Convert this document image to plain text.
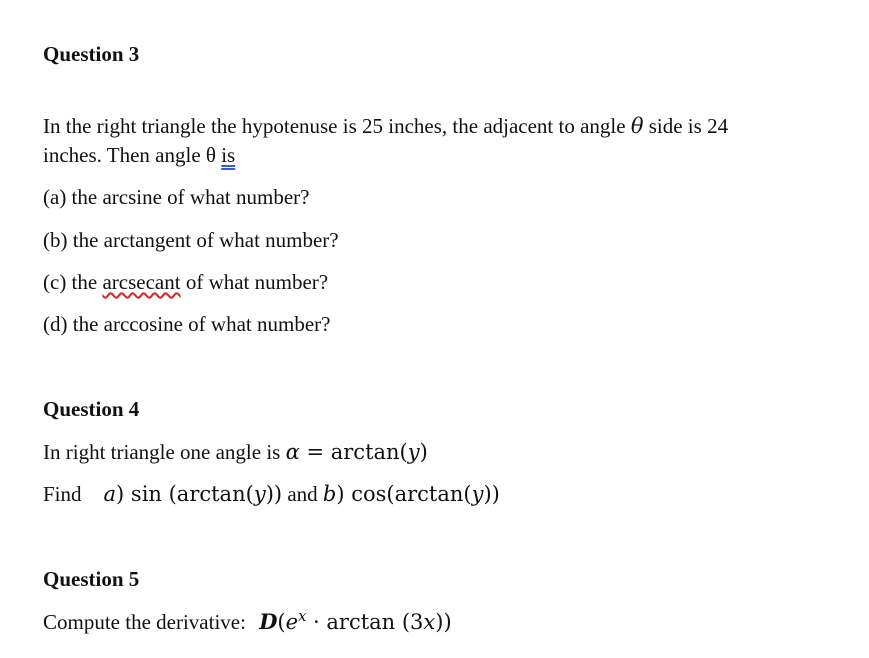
Question 3
In the right triangle the hypotenuse is 25 inches, the adjacent to angle θ side is 24
inches. Then angle θ is
(a) the arcsine of what number?
(b) the arctangent of what number?
(c) the arcsecant of what number?
(d) the arccosine of what number?
Question 4
In right triangle one angle is α = arctan(y)
Find a) sin (arctan(y)) and b) cos(arctan(y))
Question 5
Compute the derivative: $D(e^x \cdot \arctan (3x))$
